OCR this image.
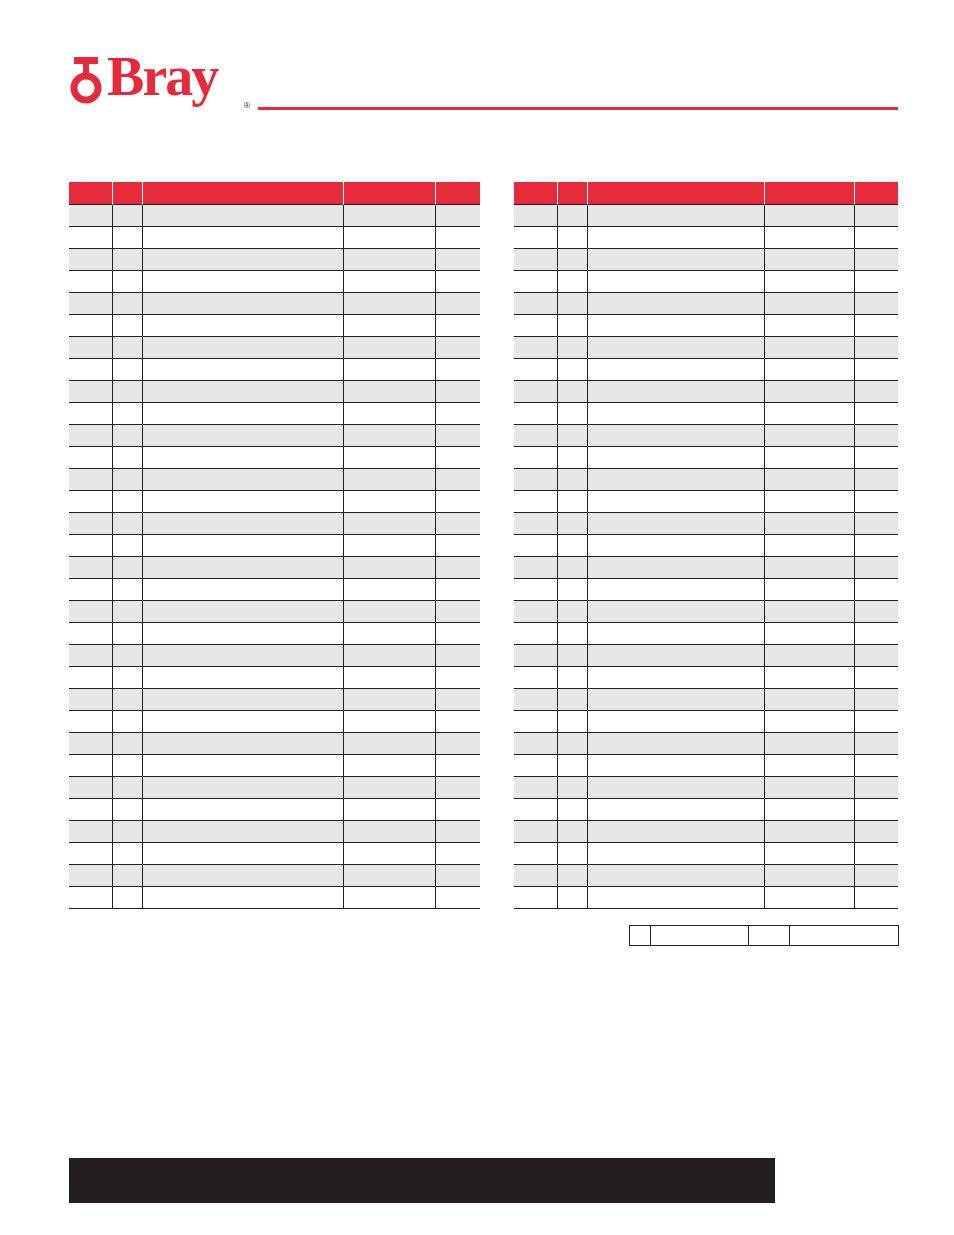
Bray	®
